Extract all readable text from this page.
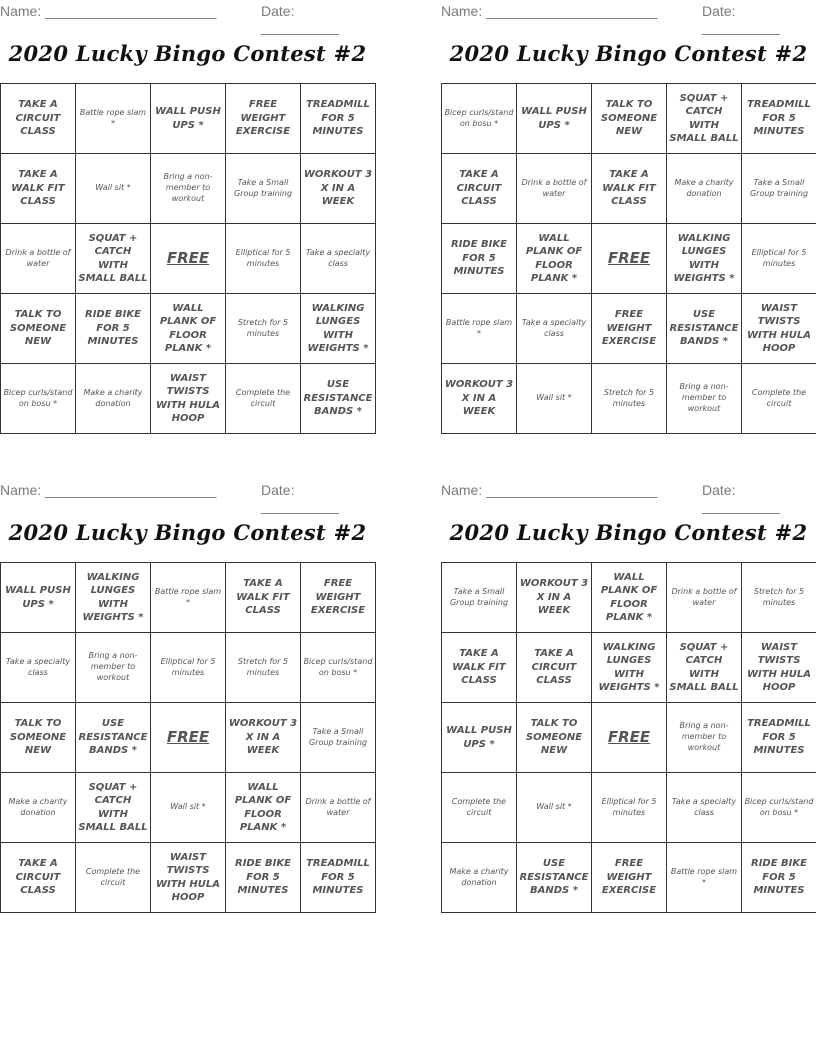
Name: ______________________	Date: __________
2020 Lucky Bingo Contest #2
TAKE A CIRCUIT CLASS	Battle rope slam *	WALL PUSH UPS *	FREE WEIGHT EXERCISE	TREADMILL FOR 5 MINUTES
TAKE A WALK FIT CLASS	Wall sit *	Bring a non-member to workout	Take a Small Group training	WORKOUT 3 X IN A WEEK
Drink a bottle of water	SQUAT + CATCH WITH SMALL BALL	FREE	Elliptical for 5 minutes	Take a specialty class
TALK TO SOMEONE NEW	RIDE BIKE FOR 5 MINUTES	WALL PLANK OF FLOOR PLANK *	Stretch for 5 minutes	WALKING LUNGES WITH WEIGHTS *
Bicep curls/stand on bosu *	Make a charity donation	WAIST TWISTS WITH HULA HOOP	Complete the circuit	USE RESISTANCE BANDS *
Name: ______________________	Date: __________
2020 Lucky Bingo Contest #2
Bicep curls/stand on bosu *	WALL PUSH UPS *	TALK TO SOMEONE NEW	SQUAT + CATCH WITH SMALL BALL	TREADMILL FOR 5 MINUTES
TAKE A CIRCUIT CLASS	Drink a bottle of water	TAKE A WALK FIT CLASS	Make a charity donation	Take a Small Group training
RIDE BIKE FOR 5 MINUTES	WALL PLANK OF FLOOR PLANK *	FREE	WALKING LUNGES WITH WEIGHTS *	Elliptical for 5 minutes
Battle rope slam *	Take a specialty class	FREE WEIGHT EXERCISE	USE RESISTANCE BANDS *	WAIST TWISTS WITH HULA HOOP
WORKOUT 3 X IN A WEEK	Wall sit *	Stretch for 5 minutes	Bring a non-member to workout	Complete the circuit
Name: ______________________	Date: __________
2020 Lucky Bingo Contest #2
WALL PUSH UPS *	WALKING LUNGES WITH WEIGHTS *	Battle rope slam *	TAKE A WALK FIT CLASS	FREE WEIGHT EXERCISE
Take a specialty class	Bring a non-member to workout	Elliptical for 5 minutes	Stretch for 5 minutes	Bicep curls/stand on bosu *
TALK TO SOMEONE NEW	USE RESISTANCE BANDS *	FREE	WORKOUT 3 X IN A WEEK	Take a Small Group training
Make a charity donation	SQUAT + CATCH WITH SMALL BALL	Wall sit *	WALL PLANK OF FLOOR PLANK *	Drink a bottle of water
TAKE A CIRCUIT CLASS	Complete the circuit	WAIST TWISTS WITH HULA HOOP	RIDE BIKE FOR 5 MINUTES	TREADMILL FOR 5 MINUTES
Name: ______________________	Date: __________
2020 Lucky Bingo Contest #2
Take a Small Group training	WORKOUT 3 X IN A WEEK	WALL PLANK OF FLOOR PLANK *	Drink a bottle of water	Stretch for 5 minutes
TAKE A WALK FIT CLASS	TAKE A CIRCUIT CLASS	WALKING LUNGES WITH WEIGHTS *	SQUAT + CATCH WITH SMALL BALL	WAIST TWISTS WITH HULA HOOP
WALL PUSH UPS *	TALK TO SOMEONE NEW	FREE	Bring a non-member to workout	TREADMILL FOR 5 MINUTES
Complete the circuit	Wall sit *	Elliptical for 5 minutes	Take a specialty class	Bicep curls/stand on bosu *
Make a charity donation	USE RESISTANCE BANDS *	FREE WEIGHT EXERCISE	Battle rope slam *	RIDE BIKE FOR 5 MINUTES
